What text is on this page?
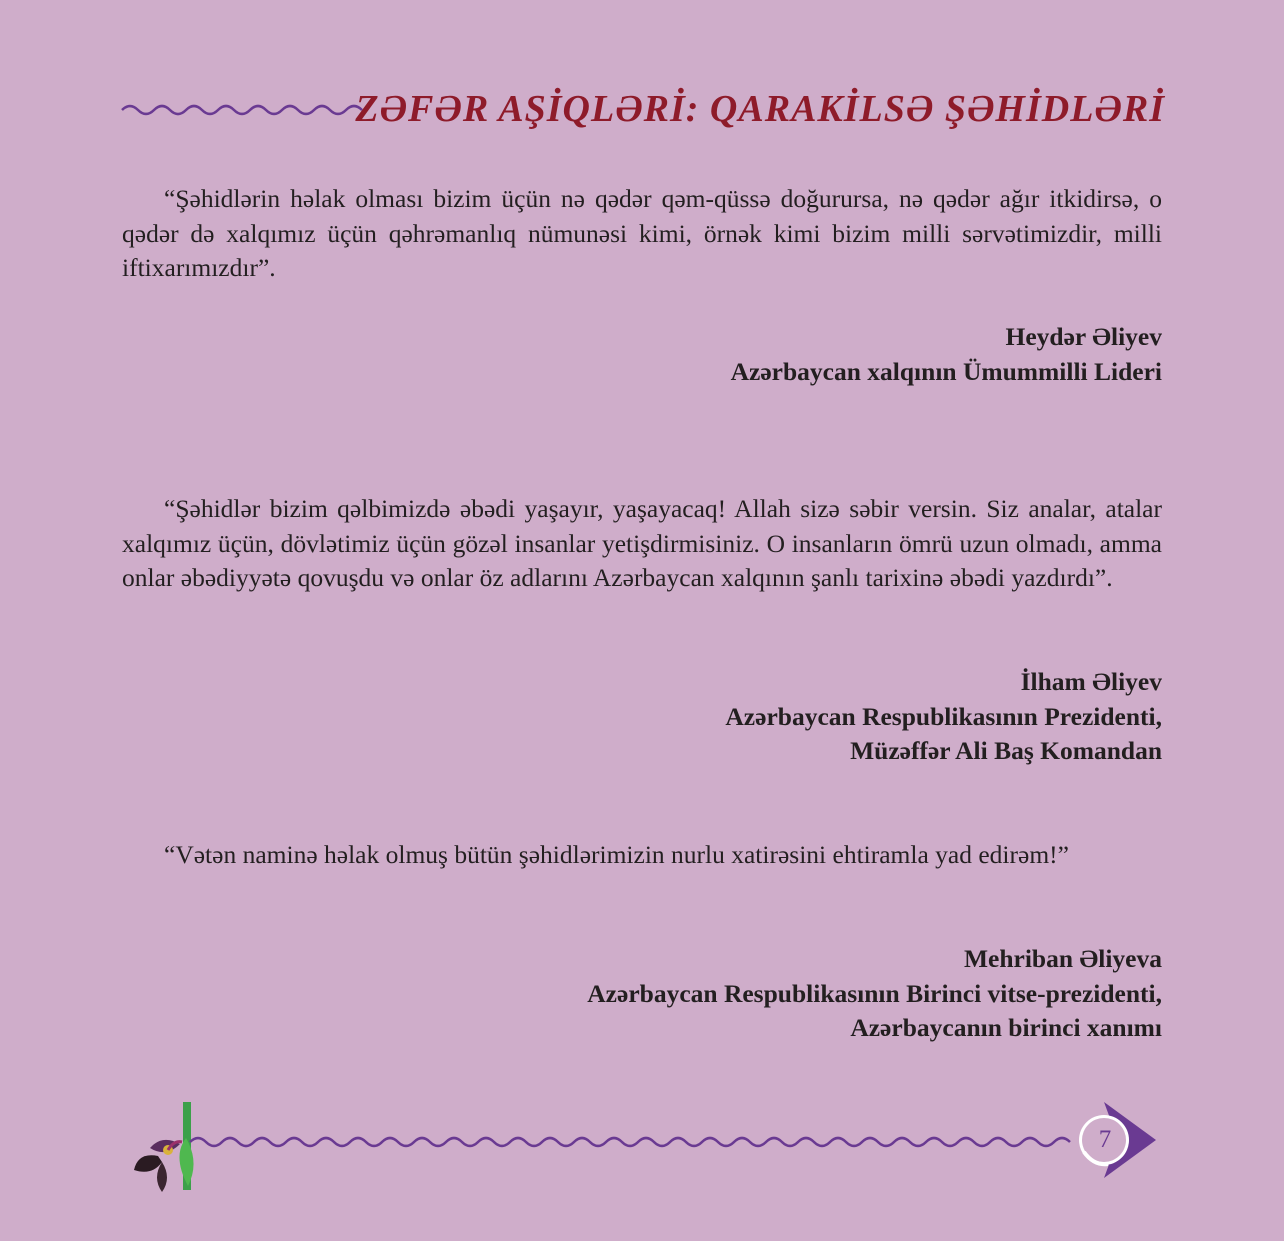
ZƏFƏR AŞİQLƏRİ: QARAKİLSƏ ŞƏHİDLƏRİ

“Şəhidlərin həlak olması bizim üçün nə qədər qəm-qüssə doğurursa, nə qədər ağır itkidirsə, o qədər də xalqımız üçün qəhrəmanlıq nümunəsi kimi, örnək kimi bizim milli sərvətimizdir, milli iftixarımızdır”.

Heydər Əliyev
Azərbaycan xalqının Ümummilli Lideri

“Şəhidlər bizim qəlbimizdə əbədi yaşayır, yaşayacaq! Allah sizə səbir versin. Siz analar, atalar xalqımız üçün, dövlətimiz üçün gözəl insanlar yetişdirmisiniz. O insanların ömrü uzun olmadı, amma onlar əbədiyyətə qovuşdu və onlar öz adlarını Azərbaycan xalqının şanlı tarixinə əbədi yazdırdı”.

İlham Əliyev
Azərbaycan Respublikasının Prezidenti,
Müzəffər Ali Baş Komandan

“Vətən naminə həlak olmuş bütün şəhidlərimizin nurlu xatirəsini ehtiramla yad edirəm!”

Mehriban Əliyeva
Azərbaycan Respublikasının Birinci vitse-prezidenti,
Azərbaycanın birinci xanımı
7
